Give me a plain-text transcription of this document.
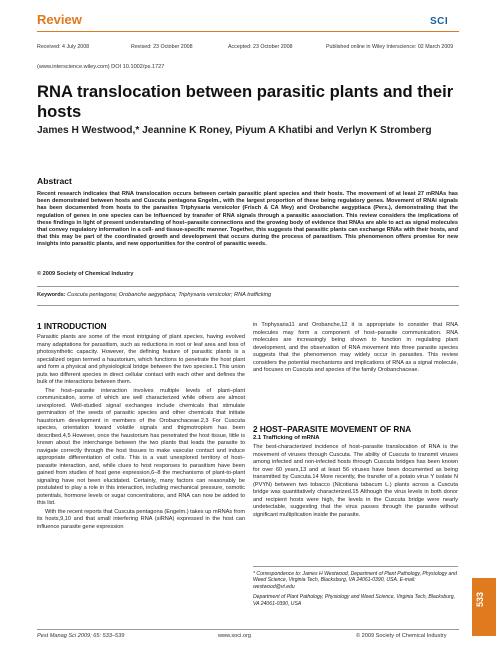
Review	SCI
Received: 4 July 2008	Revised: 23 October 2008	Accepted: 23 October 2008	Published online in Wiley Interscience: 02 March 2009
(www.interscience.wiley.com) DOI 10.1002/ps.1727
RNA translocation between parasitic plants and their hosts
James H Westwood,* Jeannine K Roney, Piyum A Khatibi and Verlyn K Stromberg
Abstract
Recent research indicates that RNA translocation occurs between certain parasitic plant species and their hosts. The movement of at least 27 mRNAs has been demonstrated between hosts and Cuscuta pentagona Engelm., with the largest proportion of these being regulatory genes. Movement of RNAi signals has been documented from hosts to the parasites Triphysaria versicolor (Frisch & CA Mey) and Orobanche aegyptiaca (Pers.), demonstrating that the regulation of genes in one species can be influenced by transfer of RNA signals through a parasitic association. This review considers the implications of these findings in light of present understanding of host–parasite connections and the growing body of evidence that RNAs are able to act as signal molecules that convey regulatory information in a cell- and tissue-specific manner. Together, this suggests that parasitic plants can exchange RNAs with their hosts, and that this may be part of the coordinated growth and development that occurs during the process of parasitism. This phenomenon offers promise for new insights into parasitic plants, and new opportunities for the control of parasitic weeds.
© 2009 Society of Chemical Industry
Keywords: Cuscuta pentagona; Orobanche aegyptiaca; Triphysaria versicolor; RNA trafficking
1 INTRODUCTION

Parasitic plants are some of the most intriguing of plant species, having evolved many adaptations for parasitism, such as reductions in root or leaf area and loss of photosynthetic capacity. However, the defining feature of parasitic plants is a specialized organ termed a haustorium, which functions to penetrate the host plant and form a physical and physiological bridge between the two species.1 This union puts two different species in direct cellular contact with each other and defines the bulk of the interactions between them.

The host–parasite interaction involves multiple levels of plant–plant communication, some of which are well characterized while others are almost unexplored. Well-studied signal exchanges include chemicals that stimulate germination of the seeds of parasitic species and other chemicals that initiate haustorium development in members of the Orobanchaceae.2,3 For Cuscuta species, orientation toward volatile signals and thigmotropism has been described.4,5 However, once the haustorium has penetrated the host tissue, little is known about the interchange between the two plants that leads the parasite to navigate correctly through the host tissues to make vascular contact and induce appropriate differentiation of cells. This is a vast unexplored territory of host–parasite interaction, and, while clues to host responses to parasitism have been gained from studies of host gene expression,6–8 the mechanisms of plant-to-plant signaling have not been elucidated. Certainly, many factors can reasonably be postulated to play a role in this interaction, including mechanical pressure, osmotic potentials, hormone levels or sugar concentrations, and RNA can now be added to this list.

With the recent reports that Cuscuta pentagona (Engelm.) takes up mRNAs from its hosts,9,10 and that small interfering RNA (siRNA) expressed in the host can influence parasite gene expression

in Triphysaria11 and Orobanche,12 it is appropriate to consider that RNA molecules may form a component of host–parasite communication. RNA molecules are increasingly being shown to function in regulating plant development, and the observation of RNA movement into three parasite species suggests that the phenomenon may widely occur in parasites. This review considers the potential mechanisms and implications of RNA as a signal molecule, and focuses on Cuscuta and species of the family Orobanchaceae.

2 HOST–PARASITE MOVEMENT OF RNA
2.1 Trafficking of mRNA

The best-characterized incidence of host–parasite translocation of RNA is the movement of viruses through Cuscuta. The ability of Cuscuta to transmit viruses among infected and non-infected hosts through Cuscuta bridges has been known for over 60 years,13 and at least 56 viruses have been documented as being transmitted by Cuscuta.14 More recently, the transfer of a potato virus Y isolate N (PVYN) between two tobacco (Nicotiana tabacum L.) plants across a Cuscuta bridge was quantitatively characterized.15 Although the virus levels in both donor and recipient hosts were high, the levels in the Cuscuta bridge were nearly undetectable, suggesting that the virus passes through the parasite without significant multiplication inside the parasite.

* Correspondence to: James H Westwood, Department of Plant Pathology, Physiology and Weed Science, Virginia Tech, Blacksburg, VA 24061-0390, USA. E-mail: westwood@vt.edu
Department of Plant Pathology, Physiology and Weed Science, Virginia Tech, Blacksburg, VA 24061-0390, USA
Pest Manag Sci 2009; 65: 533–539	www.soci.org	© 2009 Society of Chemical Industry
533
